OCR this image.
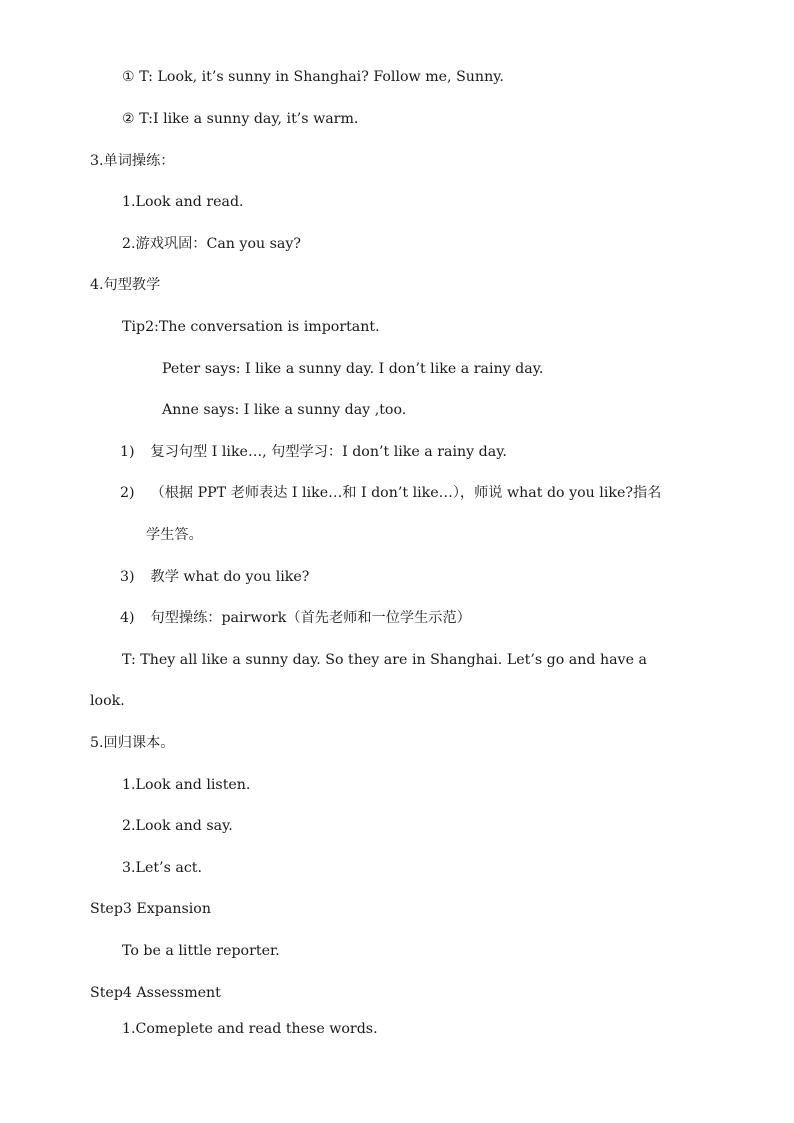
① T: Look, it’s sunny in Shanghai? Follow me, Sunny.
② T:I like a sunny day, it’s warm.
3.单词操练：
1.Look and read.
2.游戏巩固：Can you say?
4.句型教学
Tip2:The conversation is important.
Peter says: I like a sunny day. I don’t like a rainy day.
Anne says: I like a sunny day ,too.
1) 复习句型 I like…, 句型学习：I don’t like a rainy day.
2) （根据 PPT 老师表达 I like…和 I don’t like…），师说 what do you like?指名
学生答。
3) 教学 what do you like?
4) 句型操练：pairwork（首先老师和一位学生示范）
T: They all like a sunny day. So they are in Shanghai. Let’s go and have a
look.
5.回归课本。
1.Look and listen.
2.Look and say.
3.Let’s act.
Step3 Expansion
To be a little reporter.
Step4 Assessment
1.Comeplete and read these words.
